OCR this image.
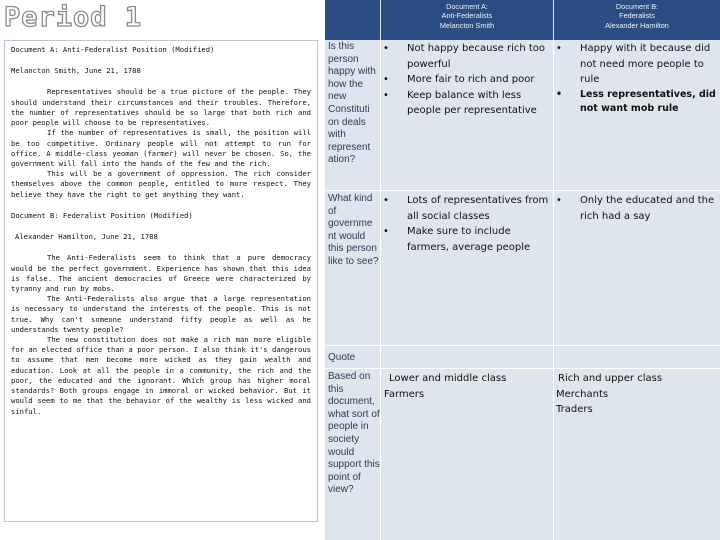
Period 1

Document A: Anti-Federalist Position (Modified)

Melancton Smith, June 21, 1788

Representatives should be a true picture of the people. They should understand their circumstances and their troubles. Therefore, the number of representatives should be so large that both rich and poor people will choose to be representatives.

If the number of representatives is small, the position will be too competitive. Ordinary people will not attempt to run for office. A middle-class yeoman (farmer) will never be chosen. So, the government will fall into the hands of the few and the rich.

This will be a government of oppression. The rich consider themselves above the common people, entitled to more respect. They believe they have the right to get anything they want.

Document B: Federalist Position (Modified)

Alexander Hamilton, June 21, 1788

The Anti-Federalists seem to think that a pure democracy would be the perfect government. Experience has shown that this idea is false. The ancient democracies of Greece were characterized by tyranny and run by mobs.

The Anti-Federalists also argue that a large representation is necessary to understand the interests of the people. This is not true. Why can't someone understand fifty people as well as he understands twenty people?

The new constitution does not make a rich man more eligible for an elected office than a poor person. I also think it's dangerous to assume that men become more wicked as they gain wealth and education. Look at all the people in a community, the rich and the poor, the educated and the ignorant. Which group has higher moral standards? Both groups engage in immoral or wicked behavior. But it would seem to me that the behavior of the wealthy is less wicked and sinful.

Document A:
Anti-Federalists
Melancton Smith
Document B:
Federalists
Alexander Hamilton
Is this person happy with how the new Constituti on deals with represent ation?
• Not happy because rich too powerful
• More fair to rich and poor
• Keep balance with less people per representative
• Happy with it because did not need more people to rule
• Less representatives, did not want mob rule
What kind of governme nt would this person like to see?
• Lots of representatives from all social classes
• Make sure to include farmers, average people
• Only the educated and the rich had a say
Quote
Based on this document, what sort of people in society would support this point of view?
Lower and middle class
Farmers
Rich and upper class
Merchants
Traders
